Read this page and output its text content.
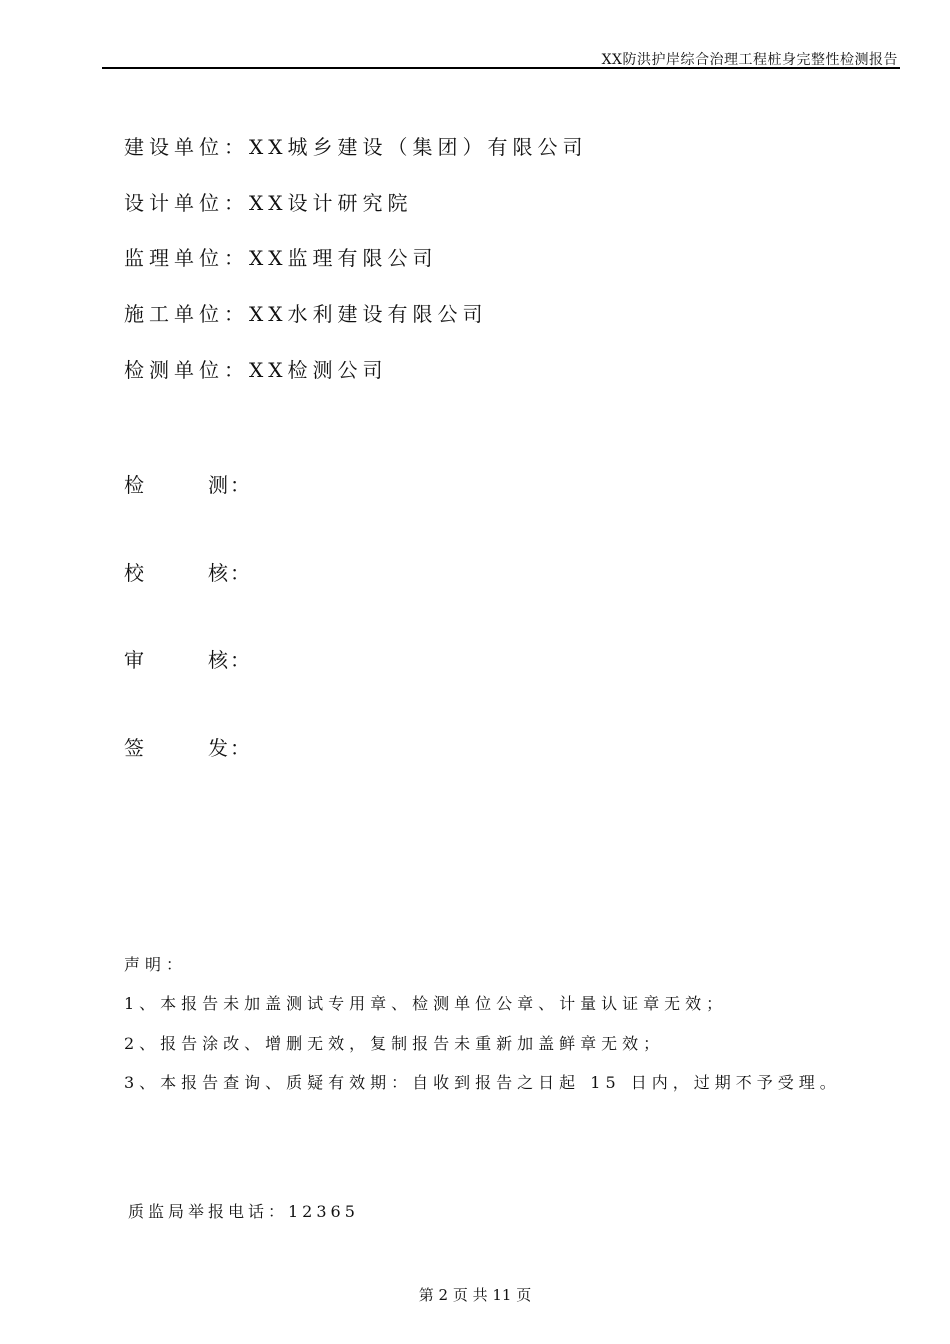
XX防洪护岸综合治理工程桩身完整性检测报告
建设单位：XX城乡建设（集团）有限公司
设计单位：XX设计研究院
监理单位：XX监理有限公司
施工单位：XX水利建设有限公司
检测单位：XX检测公司
检	测 ：
校	核 ：
审	核 ：
签	发 ：
声明：
1、本报告未加盖测试专用章、检测单位公章、计量认证章无效；
2、报告涂改、增删无效，复制报告未重新加盖鲜章无效；
3、本报告查询、质疑有效期：自收到报告之日起 15 日内，过期不予受理。
质监局举报电话：12365
第 2 页 共 11 页
